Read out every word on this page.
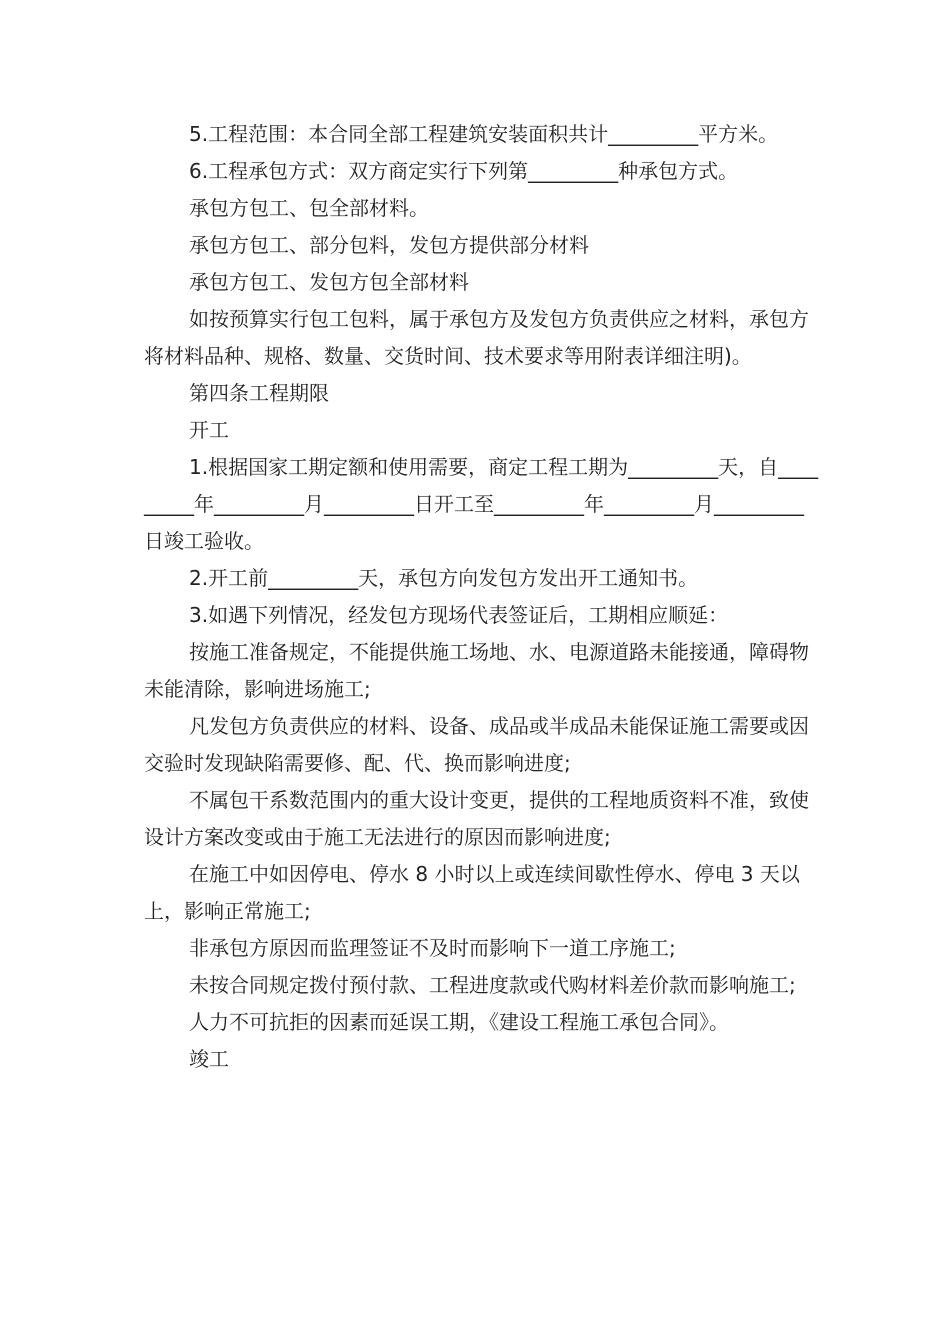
5.工程范围：本合同全部工程建筑安装面积共计_________平方米。

6.工程承包方式：双方商定实行下列第_________种承包方式。

承包方包工、包全部材料。

承包方包工、部分包料，发包方提供部分材料

承包方包工、发包方包全部材料

如按预算实行包工包料，属于承包方及发包方负责供应之材料，承包方将材料品种、规格、数量、交货时间、技术要求等用附表详细注明)。

第四条工程期限

开工

1.根据国家工期定额和使用需要，商定工程工期为_________天，自_________年_________月_________日开工至_________年_________月_________日竣工验收。

2.开工前_________天，承包方向发包方发出开工通知书。

3.如遇下列情况，经发包方现场代表签证后，工期相应顺延：

按施工准备规定，不能提供施工场地、水、电源道路未能接通，障碍物未能清除，影响进场施工;

凡发包方负责供应的材料、设备、成品或半成品未能保证施工需要或因交验时发现缺陷需要修、配、代、换而影响进度;

不属包干系数范围内的重大设计变更，提供的工程地质资料不准，致使设计方案改变或由于施工无法进行的原因而影响进度;

在施工中如因停电、停水 8 小时以上或连续间歇性停水、停电 3 天以上，影响正常施工;

非承包方原因而监理签证不及时而影响下一道工序施工;

未按合同规定拨付预付款、工程进度款或代购材料差价款而影响施工;

人力不可抗拒的因素而延误工期，《建设工程施工承包合同》。

竣工
